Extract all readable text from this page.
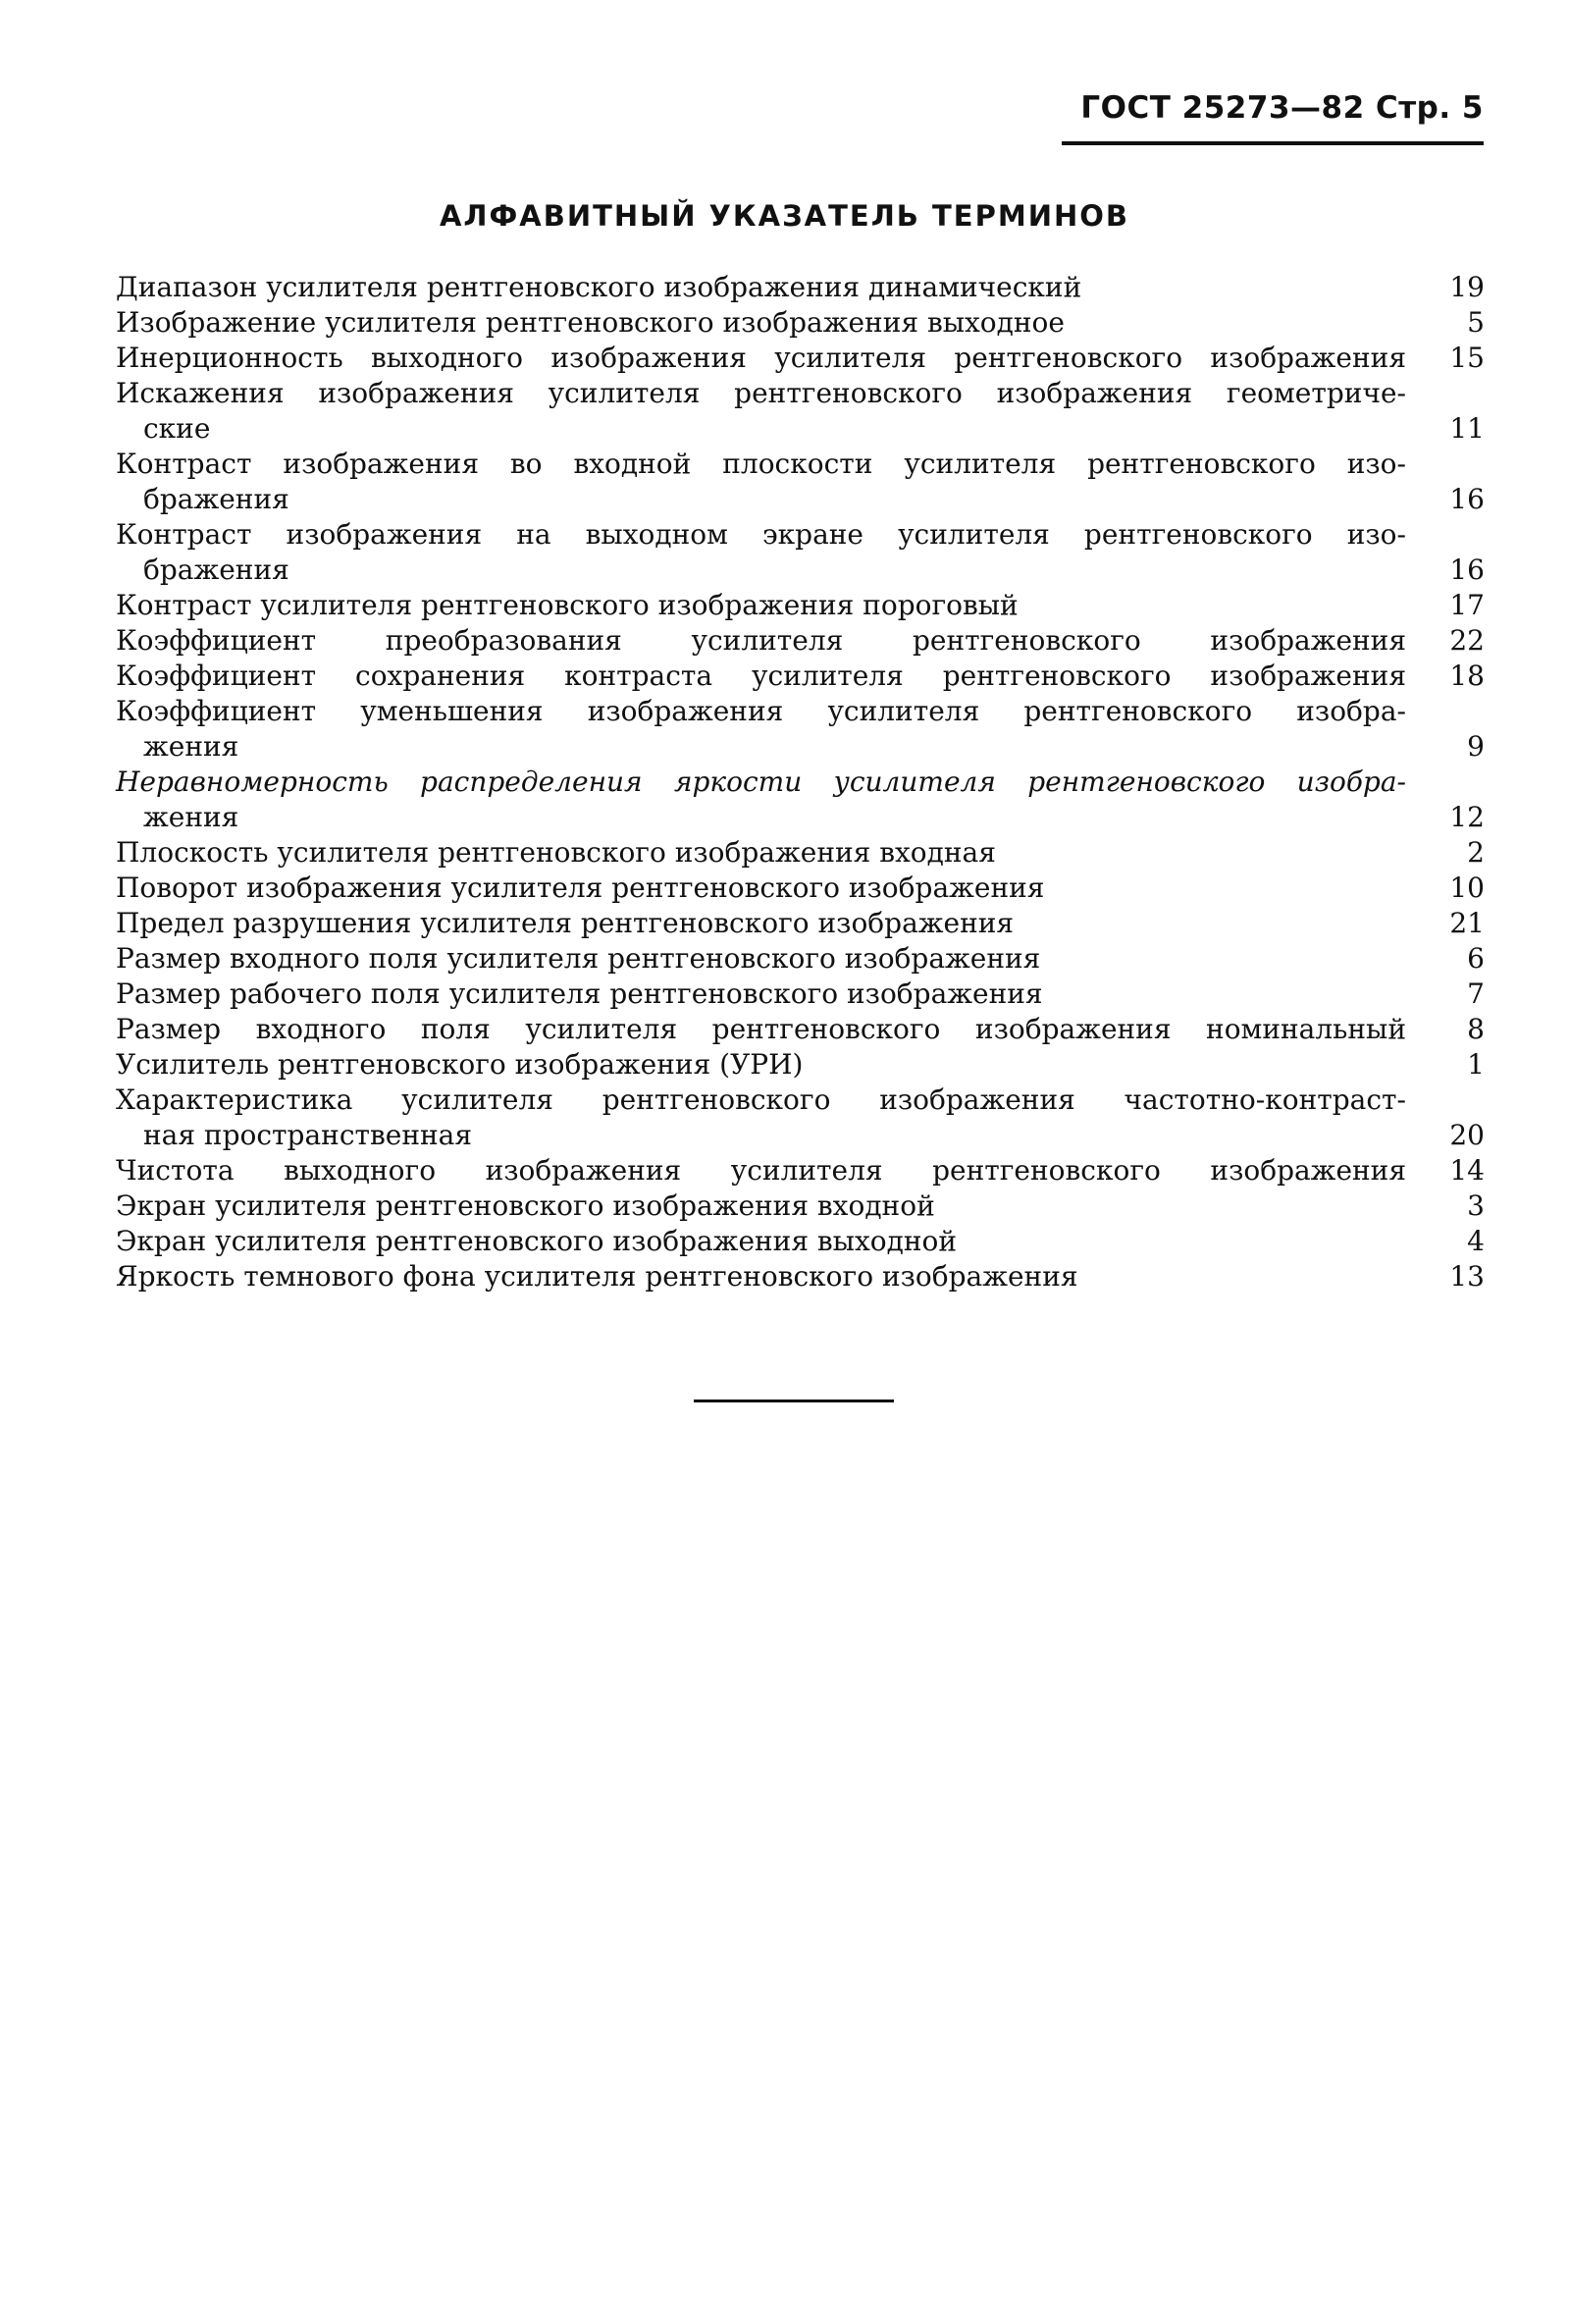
ГОСТ 25273—82 Стр. 5
АЛФАВИТНЫЙ УКАЗАТЕЛЬ ТЕРМИНОВ
Диапазон усилителя рентгеновского изображения динамический	19
Изображение усилителя рентгеновского изображения выходное	5
Инерционность выходного изображения усилителя рентгеновского изображения	15
Искажения изображения усилителя рентгеновского изображения геометриче-
ские	11
Контраст изображения во входной плоскости усилителя рентгеновского изо-
бражения	16
Контраст изображения на выходном экране усилителя рентгеновского изо-
бражения	16
Контраст усилителя рентгеновского изображения пороговый	17
Коэффициент преобразования усилителя рентгеновского изображения	22
Коэффициент сохранения контраста усилителя рентгеновского изображения	18
Коэффициент уменьшения изображения усилителя рентгеновского изобра-
жения	9
Неравномерность распределения яркости усилителя рентгеновского изобра-
жения	12
Плоскость усилителя рентгеновского изображения входная	2
Поворот изображения усилителя рентгеновского изображения	10
Предел разрушения усилителя рентгеновского изображения	21
Размер входного поля усилителя рентгеновского изображения	6
Размер рабочего поля усилителя рентгеновского изображения	7
Размер входного поля усилителя рентгеновского изображения номинальный	8
Усилитель рентгеновского изображения (УРИ)	1
Характеристика усилителя рентгеновского изображения частотно-контраст-
ная пространственная	20
Чистота выходного изображения усилителя рентгеновского изображения	14
Экран усилителя рентгеновского изображения входной	3
Экран усилителя рентгеновского изображения выходной	4
Яркость темнового фона усилителя рентгеновского изображения	13
